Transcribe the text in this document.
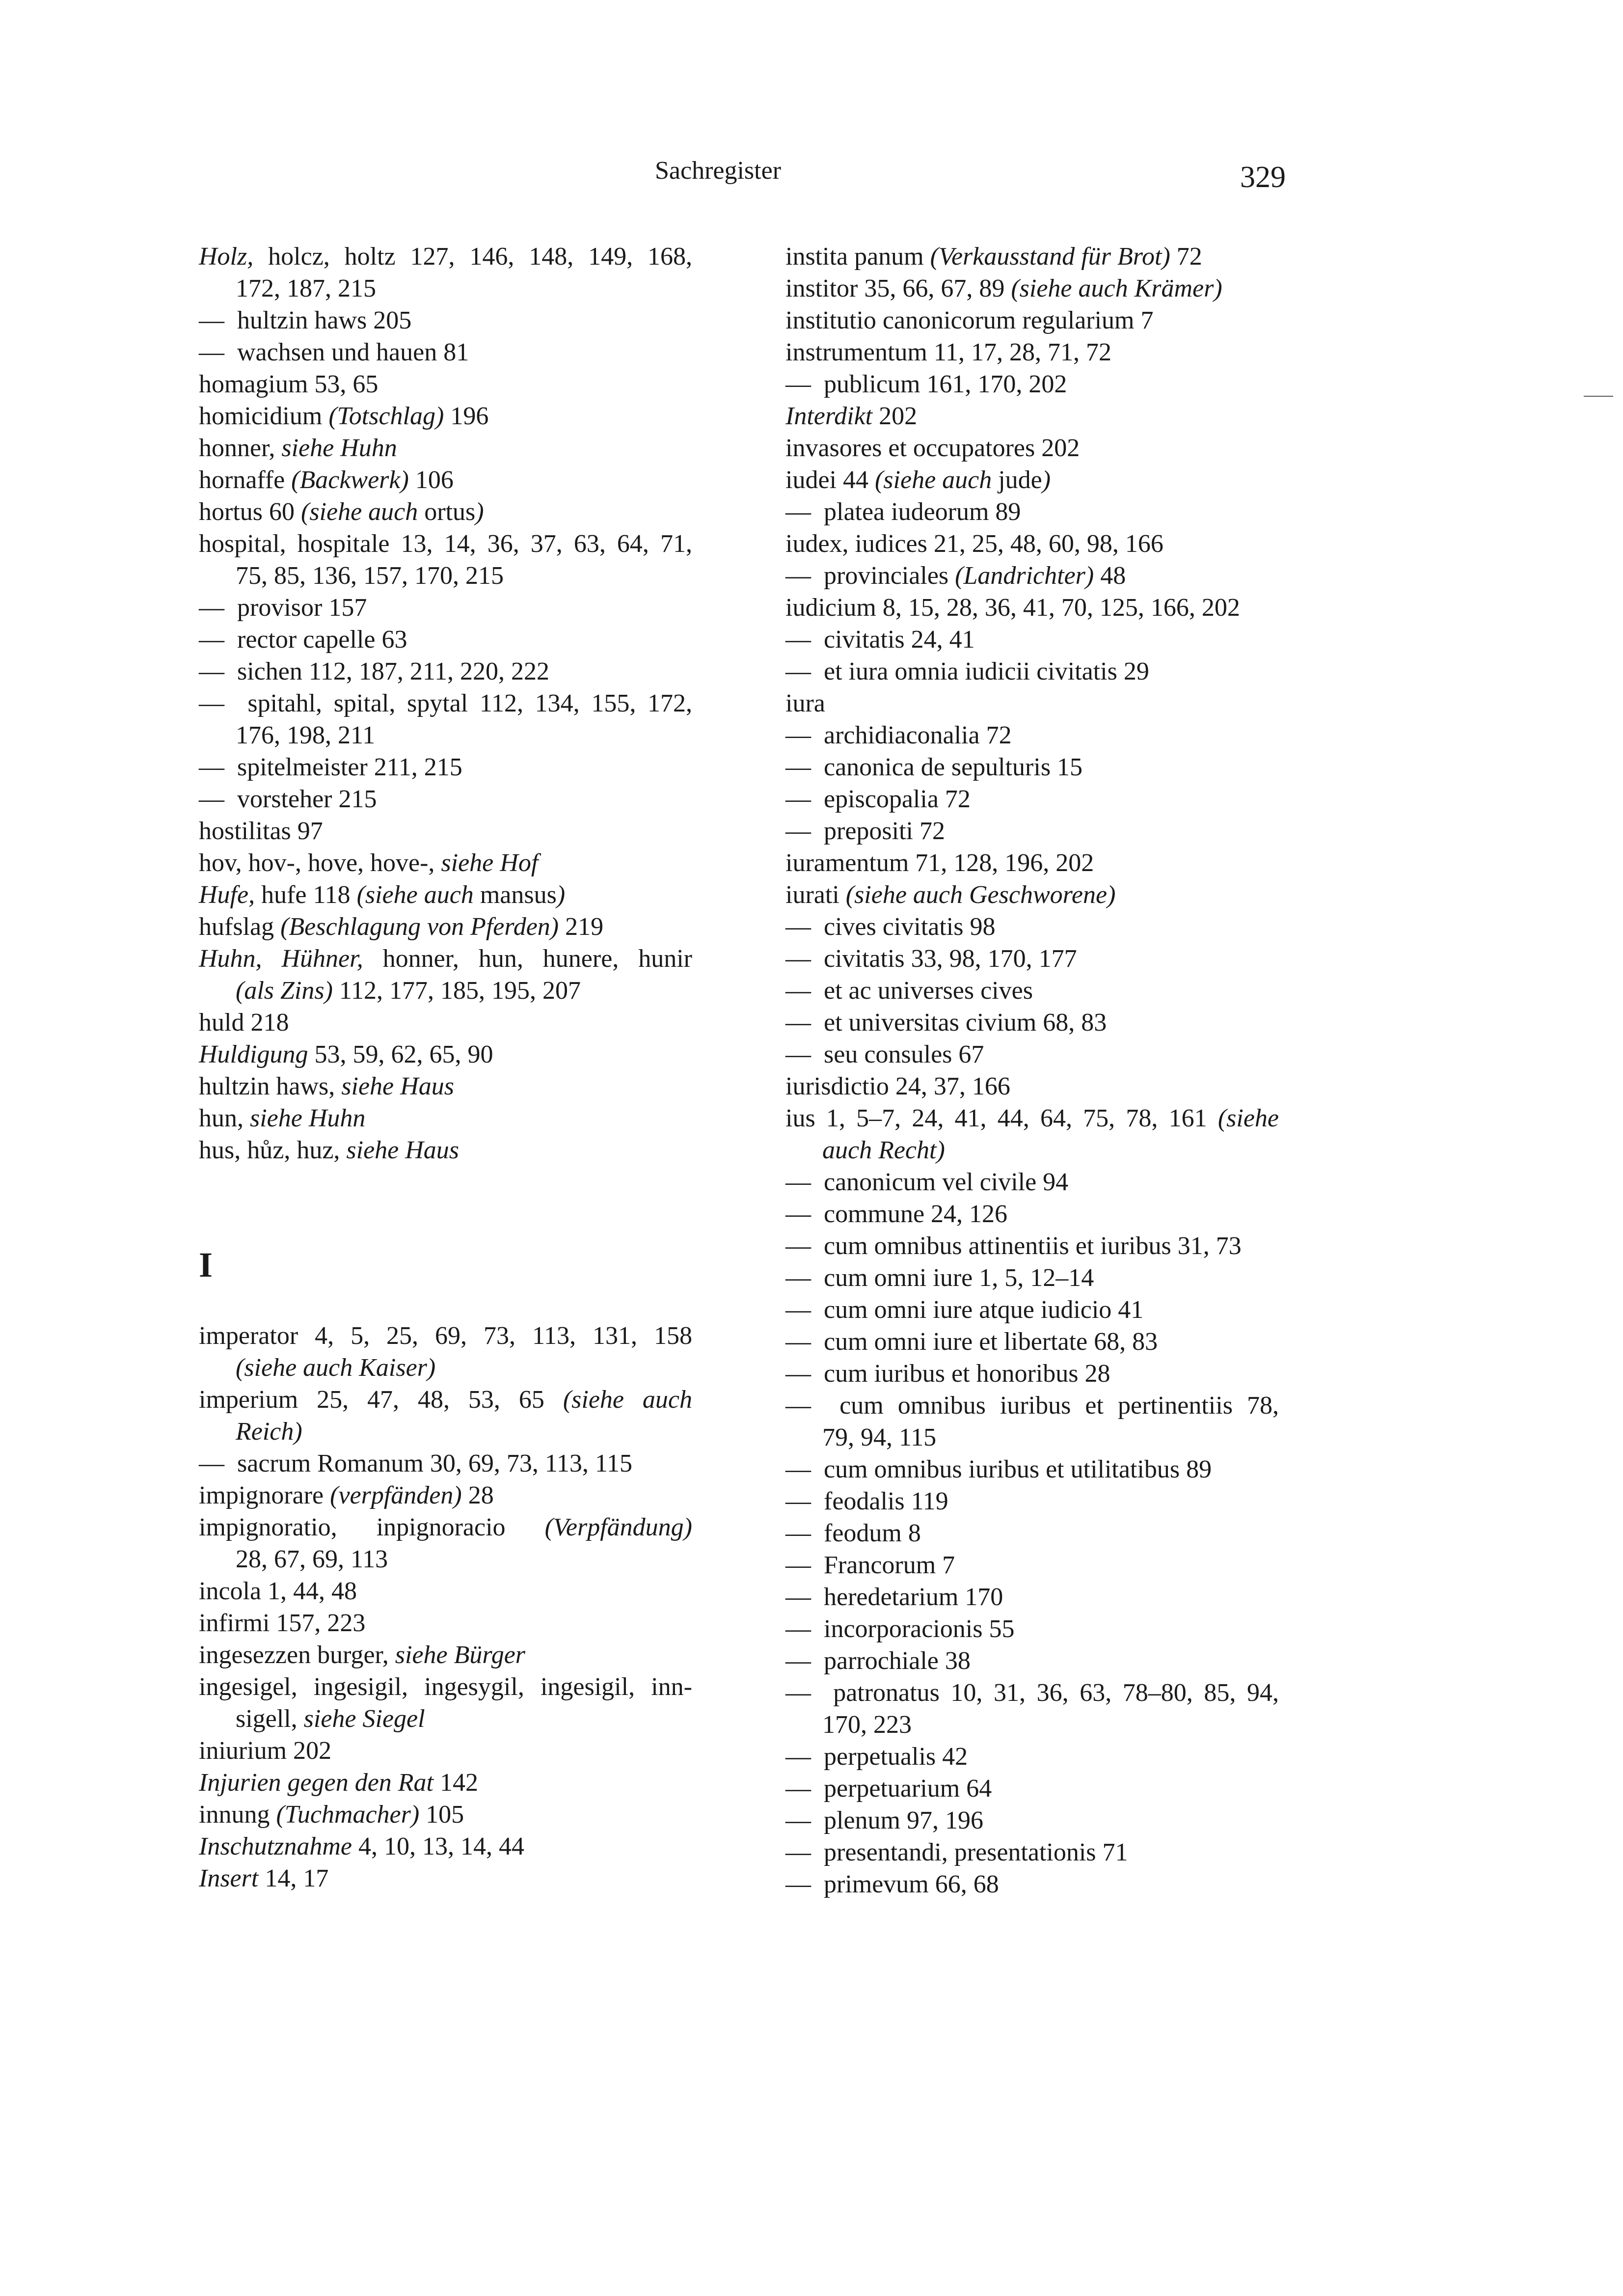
Sachregister	329
Holz, holcz, holtz 127, 146, 148, 149, 168,
172, 187, 215
—  hultzin haws 205
—  wachsen und hauen 81
homagium 53, 65
homicidium (Totschlag) 196
honner, siehe Huhn
hornaffe (Backwerk) 106
hortus 60 (siehe auch ortus)
hospital, hospitale 13, 14, 36, 37, 63, 64, 71,
75, 85, 136, 157, 170, 215
—  provisor 157
—  rector capelle 63
—  sichen 112, 187, 211, 220, 222
—  spitahl, spital, spytal 112, 134, 155, 172,
176, 198, 211
—  spitelmeister 211, 215
—  vorsteher 215
hostilitas 97
hov, hov-, hove, hove-, siehe Hof
Hufe, hufe 118 (siehe auch mansus)
hufslag (Beschlagung von Pferden) 219
Huhn, Hühner, honner, hun, hunere, hunir
(als Zins) 112, 177, 185, 195, 207
huld 218
Huldigung 53, 59, 62, 65, 90
hultzin haws, siehe Haus
hun, siehe Huhn
hus, hůz, huz, siehe Haus
I
imperator 4, 5, 25, 69, 73, 113, 131, 158
(siehe auch Kaiser)
imperium 25, 47, 48, 53, 65 (siehe auch
Reich)
—  sacrum Romanum 30, 69, 73, 113, 115
impignorare (verpfänden) 28
impignoratio, inpignoracio (Verpfändung)
28, 67, 69, 113
incola 1, 44, 48
infirmi 157, 223
ingesezzen burger, siehe Bürger
ingesigel, ingesigil, ingesygil, ingesigil, inn-
sigell, siehe Siegel
iniurium 202
Injurien gegen den Rat 142
innung (Tuchmacher) 105
Inschutznahme 4, 10, 13, 14, 44
Insert 14, 17
instita panum (Verkausstand für Brot) 72
institor 35, 66, 67, 89 (siehe auch Krämer)
institutio canonicorum regularium 7
instrumentum 11, 17, 28, 71, 72
—  publicum 161, 170, 202
Interdikt 202
invasores et occupatores 202
iudei 44 (siehe auch jude)
—  platea iudeorum 89
iudex, iudices 21, 25, 48, 60, 98, 166
—  provinciales (Landrichter) 48
iudicium 8, 15, 28, 36, 41, 70, 125, 166, 202
—  civitatis 24, 41
—  et iura omnia iudicii civitatis 29
iura
—  archidiaconalia 72
—  canonica de sepulturis 15
—  episcopalia 72
—  prepositi 72
iuramentum 71, 128, 196, 202
iurati (siehe auch Geschworene)
—  cives civitatis 98
—  civitatis 33, 98, 170, 177
—  et ac universes cives
—  et universitas civium 68, 83
—  seu consules 67
iurisdictio 24, 37, 166
ius 1, 5–7, 24, 41, 44, 64, 75, 78, 161 (siehe
auch Recht)
—  canonicum vel civile 94
—  commune 24, 126
—  cum omnibus attinentiis et iuribus 31, 73
—  cum omni iure 1, 5, 12–14
—  cum omni iure atque iudicio 41
—  cum omni iure et libertate 68, 83
—  cum iuribus et honoribus 28
—  cum omnibus iuribus et pertinentiis 78,
79, 94, 115
—  cum omnibus iuribus et utilitatibus 89
—  feodalis 119
—  feodum 8
—  Francorum 7
—  heredetarium 170
—  incorporacionis 55
—  parrochiale 38
—  patronatus 10, 31, 36, 63, 78–80, 85, 94,
170, 223
—  perpetualis 42
—  perpetuarium 64
—  plenum 97, 196
—  presentandi, presentationis 71
—  primevum 66, 68
